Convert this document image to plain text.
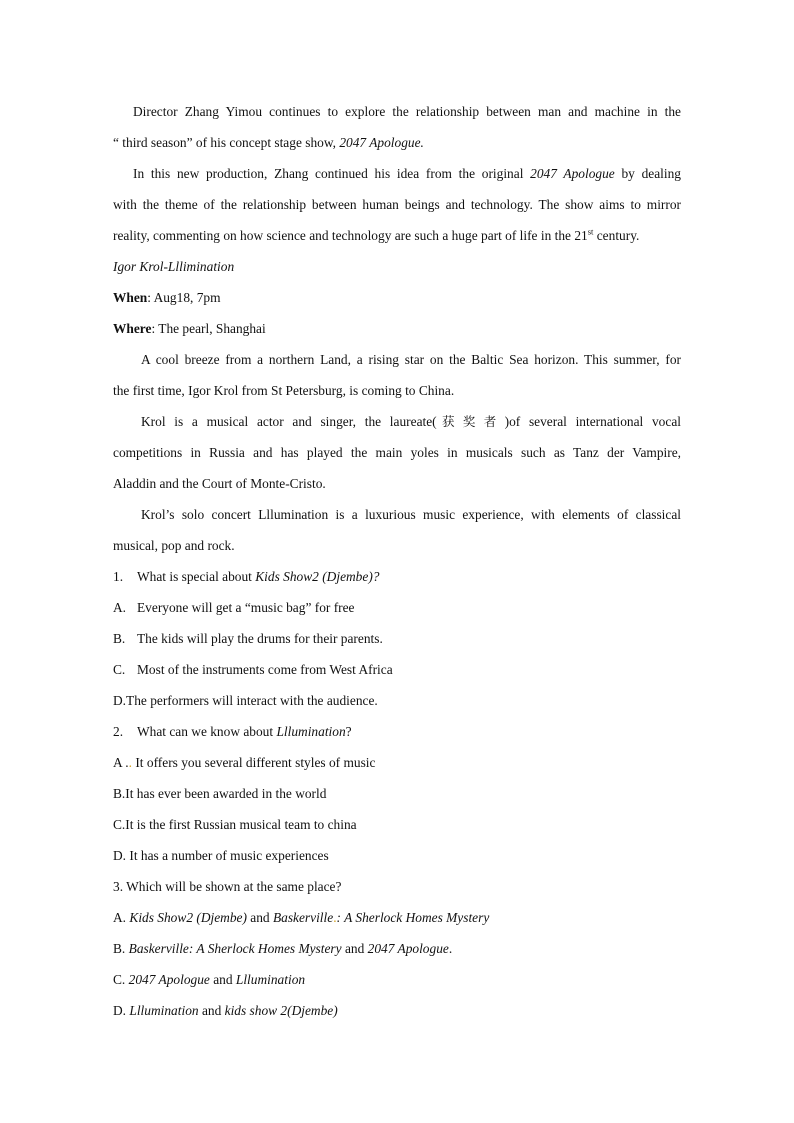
Director Zhang Yimou continues to explore the relationship between man and machine in the
“ third season” of his concept stage show, 2047 Apologue.
In this new production, Zhang continued his idea from the original 2047 Apologue by dealing
with the theme of the relationship between human beings and technology. The show aims to mirror
reality, commenting on how science and technology are such a huge part of life in the 21st century.
Igor Krol-Lllimination
When: Aug18, 7pm
Where: The pearl, Shanghai
A cool breeze from a northern Land, a rising star on the Baltic Sea horizon. This summer, for
the first time, Igor Krol from St Petersburg, is coming to China.
Krol is a musical actor and singer, the laureate(获奖者)of several international vocal
competitions in Russia and has played the main yoles in musicals such as Tanz der Vampire,
Aladdin and the Court of Monte-Cristo.
Krol’s solo concert Lllumination is a luxurious music experience, with elements of classical
musical, pop and rock.
1. What is special about Kids Show2 (Djembe)?
A. Everyone will get a “music bag” for free
B. The kids will play the drums for their parents.
C. Most of the instruments come from West Africa
D.The performers will interact with the audience.
2. What can we know about Lllumination?
A .. It offers you several different styles of music
B.It has ever been awarded in the world
C.It is the first Russian musical team to china
D. It has a number of music experiences
3. Which will be shown at the same place?
A. Kids Show2 (Djembe) and Baskerville.: A Sherlock Homes Mystery
B. Baskerville: A Sherlock Homes Mystery and 2047 Apologue.
C. 2047 Apologue and Lllumination
D. Lllumination and kids show 2(Djembe)
